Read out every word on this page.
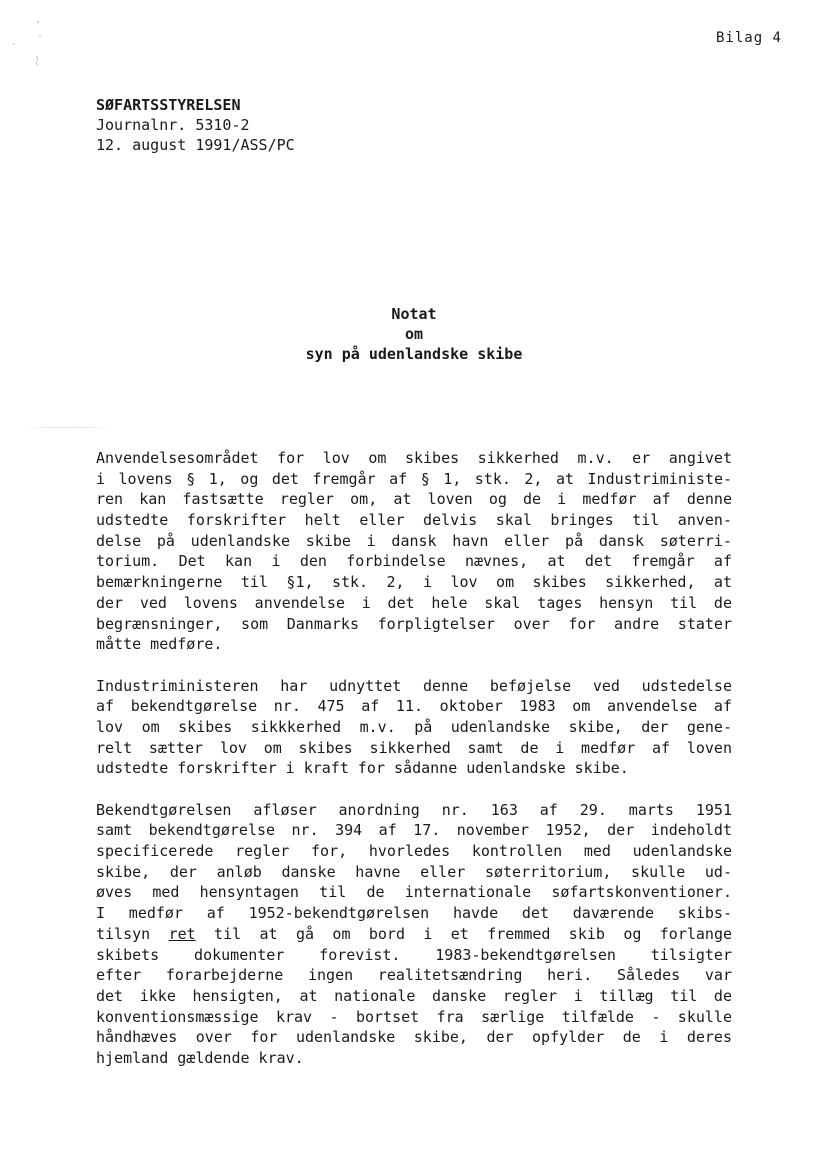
Bilag 4
SØFARTSSTYRELSEN
Journalnr. 5310-2
12. august 1991/ASS/PC
Notat
om
syn på udenlandske skibe
Anvendelsesområdet for lov om skibes sikkerhed m.v. er angivet
i lovens § 1, og det fremgår af § 1, stk. 2, at Industriministe-
ren kan fastsætte regler om, at loven og de i medfør af denne
udstedte forskrifter helt eller delvis skal bringes til anven-
delse på udenlandske skibe i dansk havn eller på dansk søterri-
torium. Det kan i den forbindelse nævnes, at det fremgår af
bemærkningerne til §1, stk. 2, i lov om skibes sikkerhed, at
der ved lovens anvendelse i det hele skal tages hensyn til de
begrænsninger, som Danmarks forpligtelser over for andre stater
måtte medføre.
Industriministeren har udnyttet denne beføjelse ved udstedelse
af bekendtgørelse nr. 475 af 11. oktober 1983 om anvendelse af
lov om skibes sikkkerhed m.v. på udenlandske skibe, der gene-
relt sætter lov om skibes sikkerhed samt de i medfør af loven
udstedte forskrifter i kraft for sådanne udenlandske skibe.
Bekendtgørelsen afløser anordning nr. 163 af 29. marts 1951
samt bekendtgørelse nr. 394 af 17. november 1952, der indeholdt
specificerede regler for, hvorledes kontrollen med udenlandske
skibe, der anløb danske havne eller søterritorium, skulle ud-
øves med hensyntagen til de internationale søfartskonventioner.
I medfør af 1952-bekendtgørelsen havde det daværende skibs-
tilsyn ret til at gå om bord i et fremmed skib og forlange
skibets dokumenter forevist. 1983-bekendtgørelsen tilsigter
efter forarbejderne ingen realitetsændring heri. Således var
det ikke hensigten, at nationale danske regler i tillæg til de
konventionsmæssige krav - bortset fra særlige tilfælde - skulle
håndhæves over for udenlandske skibe, der opfylder de i deres
hjemland gældende krav.
